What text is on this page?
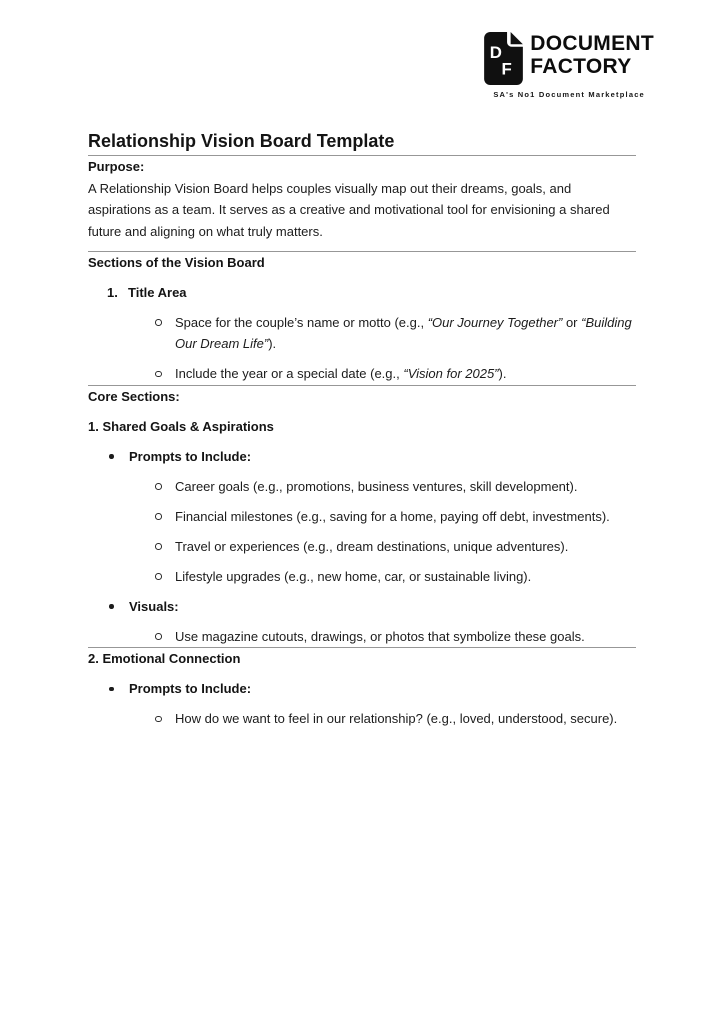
D
F
DOCUMENT
FACTORY
SA's No1 Document Marketplace
Relationship Vision Board Template

Purpose:

A Relationship Vision Board helps couples visually map out their dreams, goals, and aspirations as a team. It serves as a creative and motivational tool for envisioning a shared future and aligning on what truly matters.

Sections of the Vision Board

1. Title Area

Space for the couple’s name or motto (e.g., “Our Journey Together” or “Building Our Dream Life”).

Include the year or a special date (e.g., “Vision for 2025”).

Core Sections:

1. Shared Goals & Aspirations

Prompts to Include:

Career goals (e.g., promotions, business ventures, skill development).

Financial milestones (e.g., saving for a home, paying off debt, investments).

Travel or experiences (e.g., dream destinations, unique adventures).

Lifestyle upgrades (e.g., new home, car, or sustainable living).

Visuals:

Use magazine cutouts, drawings, or photos that symbolize these goals.

2. Emotional Connection

Prompts to Include:

How do we want to feel in our relationship? (e.g., loved, understood, secure).
